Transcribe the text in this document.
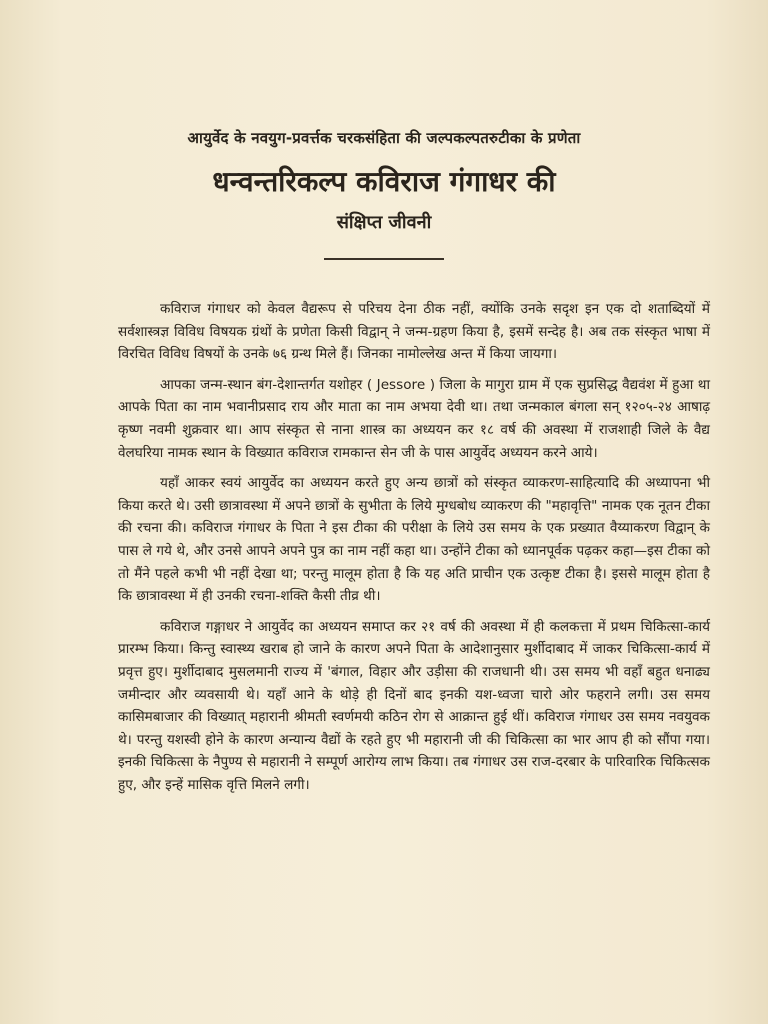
आयुर्वेद के नवयुग-प्रवर्त्तक चरकसंहिता की जल्पकल्पतरुटीका के प्रणेता

धन्वन्तरिकल्प कविराज गंगाधर की

संक्षिप्त जीवनी

कविराज गंगाधर को केवल वैद्यरूप से परिचय देना ठीक नहीं, क्योंकि उनके सदृश इन एक दो शताब्दियों में सर्वशास्त्रज्ञ विविध विषयक ग्रंथों के प्रणेता किसी विद्वान् ने जन्म-ग्रहण किया है, इसमें सन्देह है। अब तक संस्कृत भाषा में विरचित विविध विषयों के उनके ७६ ग्रन्थ मिले हैं। जिनका नामोल्लेख अन्त में किया जायगा।

आपका जन्म-स्थान बंग-देशान्तर्गत यशोहर ( Jessore ) जिला के मागुरा ग्राम में एक सुप्रसिद्ध वैद्यवंश में हुआ था आपके पिता का नाम भवानीप्रसाद राय और माता का नाम अभया देवी था। तथा जन्मकाल बंगला सन् १२०५-२४ आषाढ़ कृष्ण नवमी शुक्रवार था। आप संस्कृत से नाना शास्त्र का अध्ययन कर १८ वर्ष की अवस्था में राजशाही जिले के वैद्य वेलघरिया नामक स्थान के विख्यात कविराज रामकान्त सेन जी के पास आयुर्वेद अध्ययन करने आये।

यहाँ आकर स्वयं आयुर्वेद का अध्ययन करते हुए अन्य छात्रों को संस्कृत व्याकरण-साहित्यादि की अध्यापना भी किया करते थे। उसी छात्रावस्था में अपने छात्रों के सुभीता के लिये मुग्धबोध व्याकरण की "महावृत्ति" नामक एक नूतन टीका की रचना की। कविराज गंगाधर के पिता ने इस टीका की परीक्षा के लिये उस समय के एक प्रख्यात वैय्याकरण विद्वान् के पास ले गये थे, और उनसे आपने अपने पुत्र का नाम नहीं कहा था। उन्होंने टीका को ध्यानपूर्वक पढ़कर कहा—इस टीका को तो मैंने पहले कभी भी नहीं देखा था; परन्तु मालूम होता है कि यह अति प्राचीन एक उत्कृष्ट टीका है। इससे मालूम होता है कि छात्रावस्था में ही उनकी रचना-शक्ति कैसी तीव्र थी।

कविराज गङ्गाधर ने आयुर्वेद का अध्ययन समाप्त कर २१ वर्ष की अवस्था में ही कलकत्ता में प्रथम चिकित्सा-कार्य प्रारम्भ किया। किन्तु स्वास्थ्य खराब हो जाने के कारण अपने पिता के आदेशानुसार मुर्शीदाबाद में जाकर चिकित्सा-कार्य में प्रवृत्त हुए। मुर्शीदाबाद मुसलमानी राज्य में 'बंगाल, विहार और उड़ीसा की राजधानी थी। उस समय भी वहाँ बहुत धनाढ्य जमीन्दार और व्यवसायी थे। यहाँ आने के थोड़े ही दिनों बाद इनकी यश-ध्वजा चारो ओर फहराने लगी। उस समय कासिमबाजार की विख्यात् महारानी श्रीमती स्वर्णमयी कठिन रोग से आक्रान्त हुई थीं। कविराज गंगाधर उस समय नवयुवक थे। परन्तु यशस्वी होने के कारण अन्यान्य वैद्यों के रहते हुए भी महारानी जी की चिकित्सा का भार आप ही को सौंपा गया। इनकी चिकित्सा के नैपुण्य से महारानी ने सम्पूर्ण आरोग्य लाभ किया। तब गंगाधर उस राज-दरबार के पारिवारिक चिकित्सक हुए, और इन्हें मासिक वृत्ति मिलने लगी।
